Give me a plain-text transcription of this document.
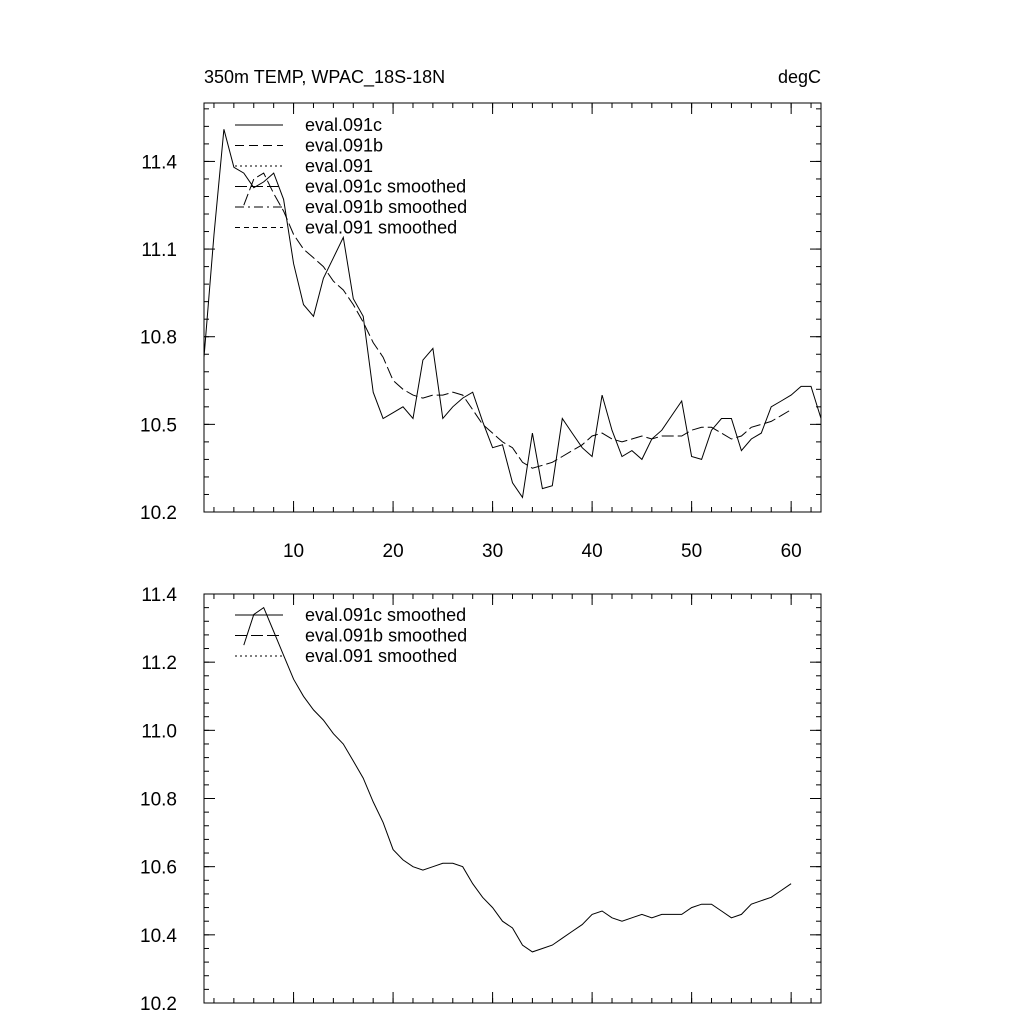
350m TEMP, WPAC_18S-18N	degC
10	20	30	40	50	60
10.2
10.5
10.8
11.1
11.4
eval.091c
eval.091b
eval.091
eval.091c smoothed
eval.091b smoothed
eval.091 smoothed
10.2
10.4
10.6
10.8
11.0
11.2
11.4
eval.091c smoothed
eval.091b smoothed
eval.091 smoothed
